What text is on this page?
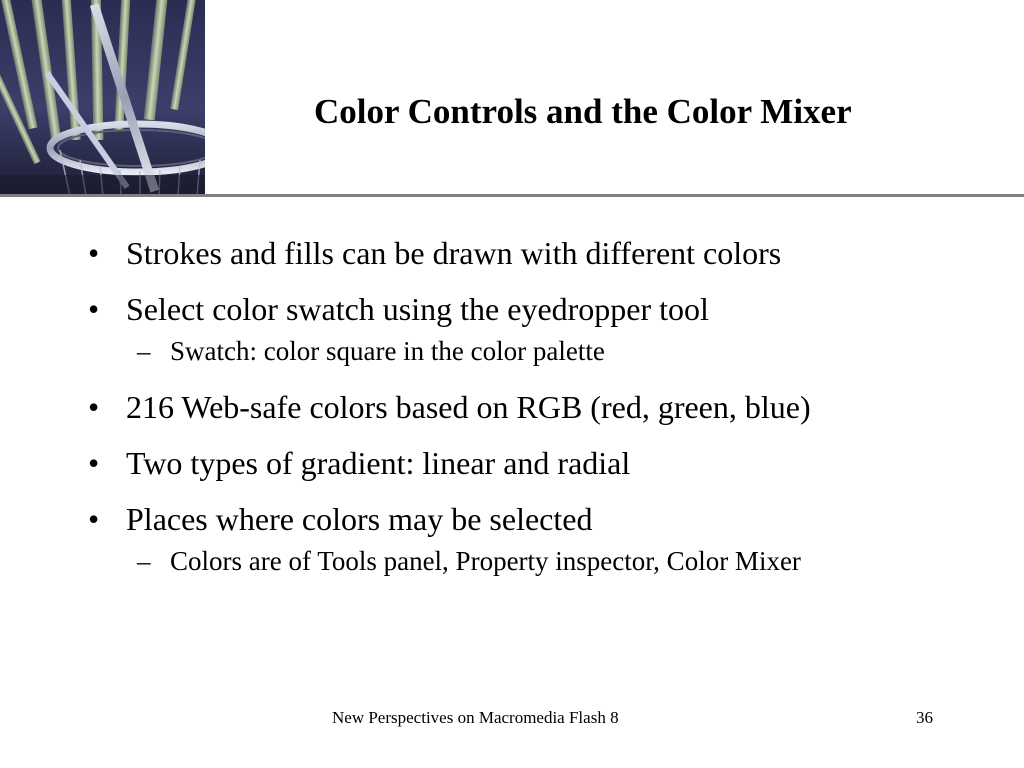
Color Controls and the Color Mixer
• Strokes and fills can be drawn with different colors
• Select color swatch using the eyedropper tool
– Swatch: color square in the color palette
• 216 Web-safe colors based on RGB (red, green, blue)
• Two types of gradient: linear and radial
• Places where colors may be selected
– Colors are of Tools panel, Property inspector, Color Mixer
New Perspectives on Macromedia Flash 8	36
